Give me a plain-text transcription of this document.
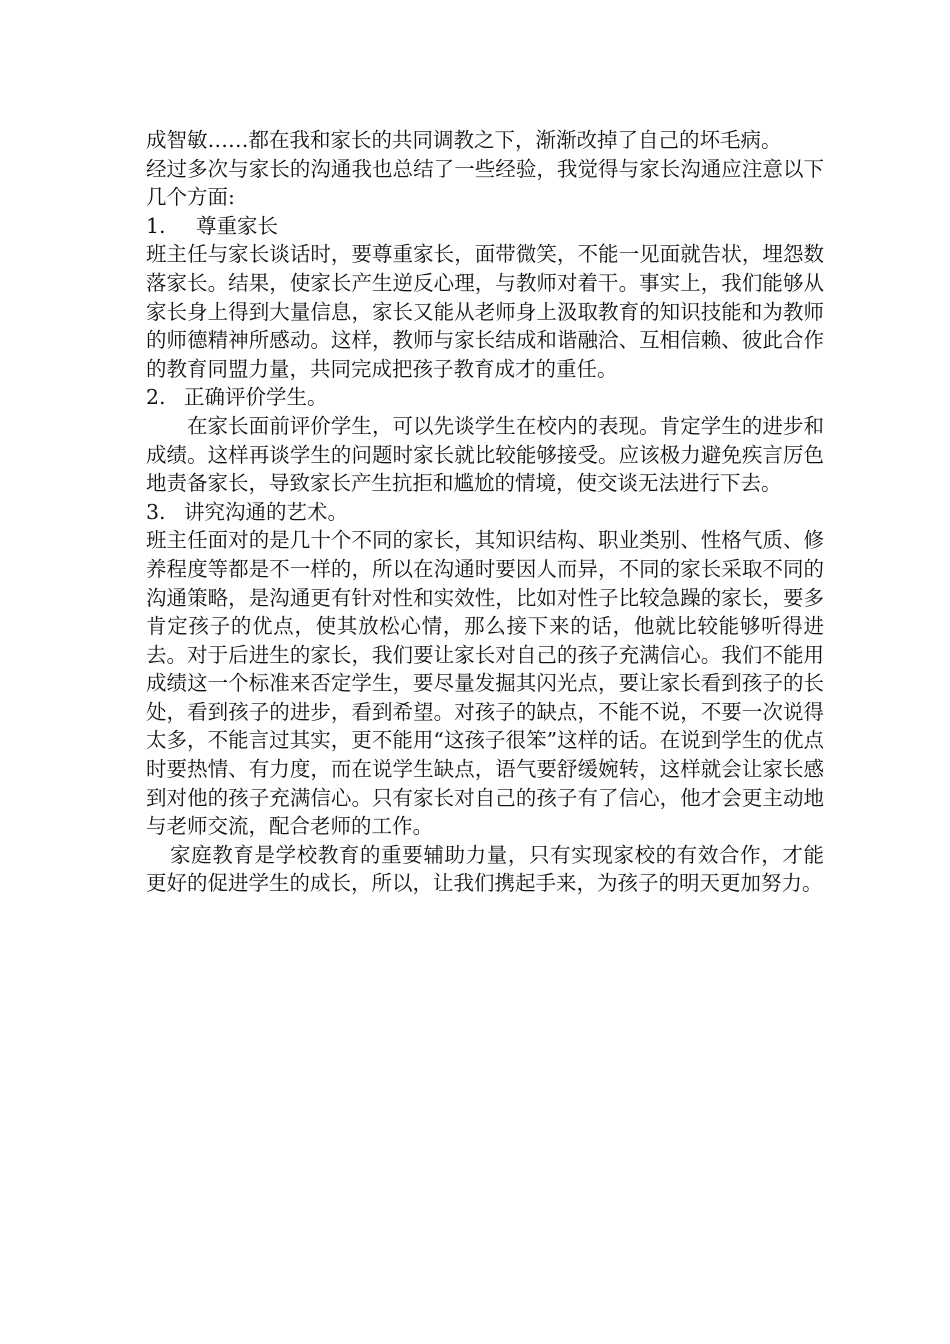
成智敏……都在我和家长的共同调教之下，渐渐改掉了自己的坏毛病。

经过多次与家长的沟通我也总结了一些经验，我觉得与家长沟通应注意以下几个方面:

1. 尊重家长

班主任与家长谈话时，要尊重家长，面带微笑，不能一见面就告状，埋怨数落家长。结果，使家长产生逆反心理，与教师对着干。事实上，我们能够从家长身上得到大量信息，家长又能从老师身上汲取教育的知识技能和为教师的师德精神所感动。这样，教师与家长结成和谐融洽、互相信赖、彼此合作的教育同盟力量，共同完成把孩子教育成才的重任。

2. 正确评价学生。

在家长面前评价学生，可以先谈学生在校内的表现。肯定学生的进步和成绩。这样再谈学生的问题时家长就比较能够接受。应该极力避免疾言厉色地责备家长，导致家长产生抗拒和尴尬的情境，使交谈无法进行下去。

3. 讲究沟通的艺术。

班主任面对的是几十个不同的家长，其知识结构、职业类别、性格气质、修养程度等都是不一样的，所以在沟通时要因人而异，不同的家长采取不同的沟通策略，是沟通更有针对性和实效性，比如对性子比较急躁的家长，要多肯定孩子的优点，使其放松心情，那么接下来的话，他就比较能够听得进去。对于后进生的家长，我们要让家长对自己的孩子充满信心。我们不能用成绩这一个标准来否定学生，要尽量发掘其闪光点，要让家长看到孩子的长处，看到孩子的进步，看到希望。对孩子的缺点，不能不说，不要一次说得太多，不能言过其实，更不能用“这孩子很笨”这样的话。在说到学生的优点时要热情、有力度，而在说学生缺点，语气要舒缓婉转，这样就会让家长感到对他的孩子充满信心。只有家长对自己的孩子有了信心，他才会更主动地与老师交流，配合老师的工作。

家庭教育是学校教育的重要辅助力量，只有实现家校的有效合作，才能更好的促进学生的成长，所以，让我们携起手来，为孩子的明天更加努力。
